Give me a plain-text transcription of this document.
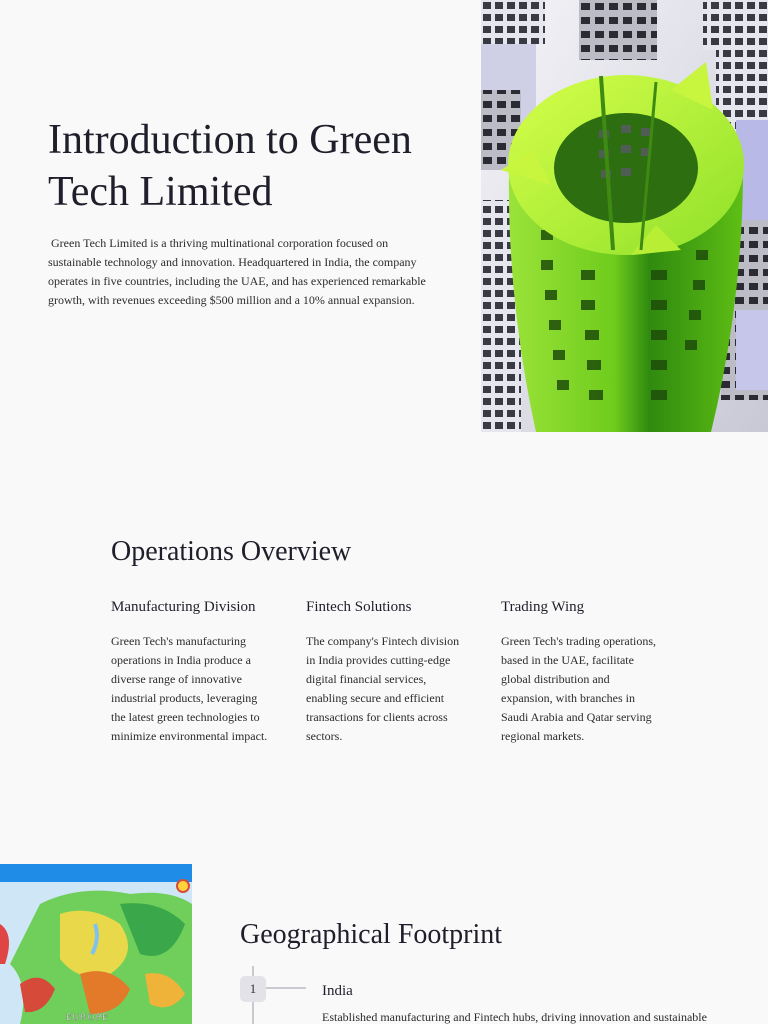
Introduction to Green Tech Limited

Green Tech Limited is a thriving multinational corporation focused on sustainable technology and innovation. Headquartered in India, the company operates in five countries, including the UAE, and has experienced remarkable growth, with revenues exceeding $500 million and a 10% annual expansion.

Operations Overview
Manufacturing Division

Green Tech's manufacturing operations in India produce a diverse range of innovative industrial products, leveraging the latest green technologies to minimize environmental impact.

Fintech Solutions

The company's Fintech division in India provides cutting-edge digital financial services, enabling secure and efficient transactions for clients across sectors.

Trading Wing

Green Tech's trading operations, based in the UAE, facilitate global distribution and expansion, with branches in Saudi Arabia and Qatar serving regional markets.

EUROPE
Geographical Footprint
1	India

Established manufacturing and Fintech hubs, driving innovation and sustainable
